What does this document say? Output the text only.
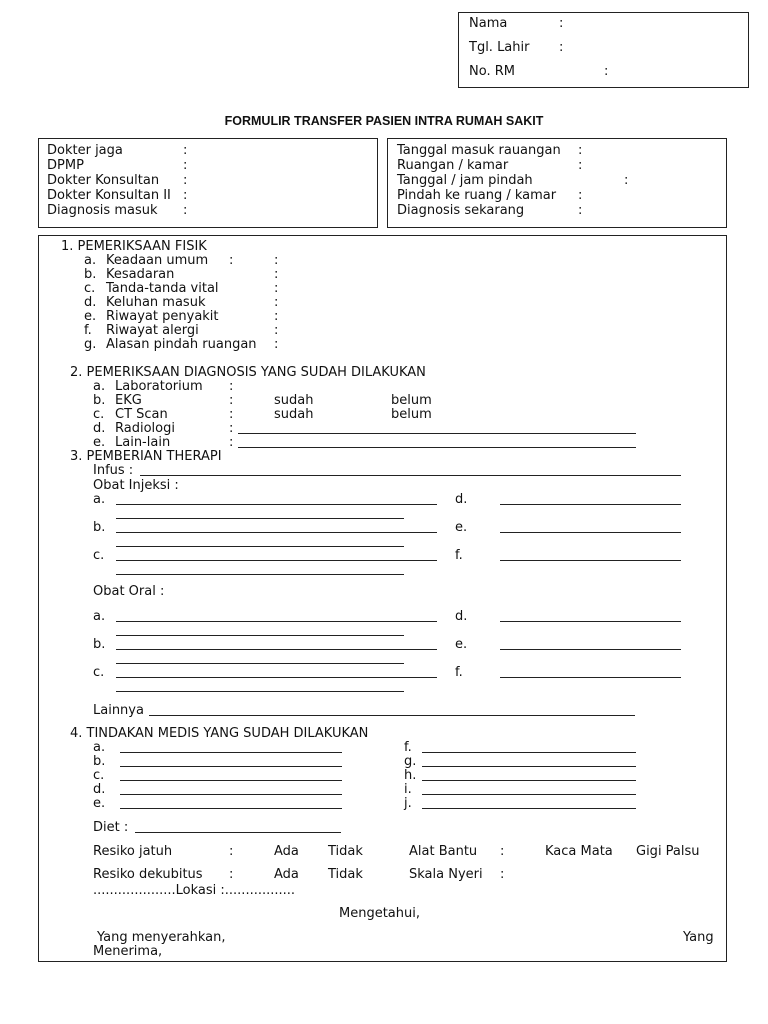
Nama	:
Tgl. Lahir :
No. RM	:
FORMULIR TRANSFER PASIEN INTRA RUMAH SAKIT
Dokter jaga	:
DPMP	:
Dokter Konsultan :
Dokter Konsultan II :
Diagnosis masuk :
Tanggal masuk rauangan :
Ruangan / kamar	:
Tanggal / jam pindah	:
Pindah ke ruang / kamar :
Diagnosis sekarang	:
1. PEMERIKSAAN FISIK
a. Keadaan umum :	:
b. Kesadaran	:
c. Tanda-tanda vital	:
d. Keluhan masuk	:
e. Riwayat penyakit	:
f. Riwayat alergi	:
g. Alasan pindah ruangan :
2. PEMERIKSAAN DIAGNOSIS YANG SUDAH DILAKUKAN
a. Laboratorium :
b. EKG	:	sudah	belum
c. CT Scan	:	sudah	belum
d. Radiologi	:
e. Lain-lain	:
3. PEMBERIAN THERAPI
Infus :
Obat Injeksi :
a.	d.
b.	e.
c.	f.
Obat Oral :
a.	d.
b.	e.
c.	f.
Lainnya
4. TINDAKAN MEDIS YANG SUDAH DILAKUKAN
a.	f.
b.	g.
c.	h.
d.	i.
e.	j.
Diet :
Resiko jatuh	:	Ada Tidak	Alat Bantu :	Kaca Mata Gigi Palsu
Resiko dekubitus :	Ada Tidak	Skala Nyeri :
....................Lokasi :.................
Mengetahui,
Yang menyerahkan,	Yang
Menerima,
